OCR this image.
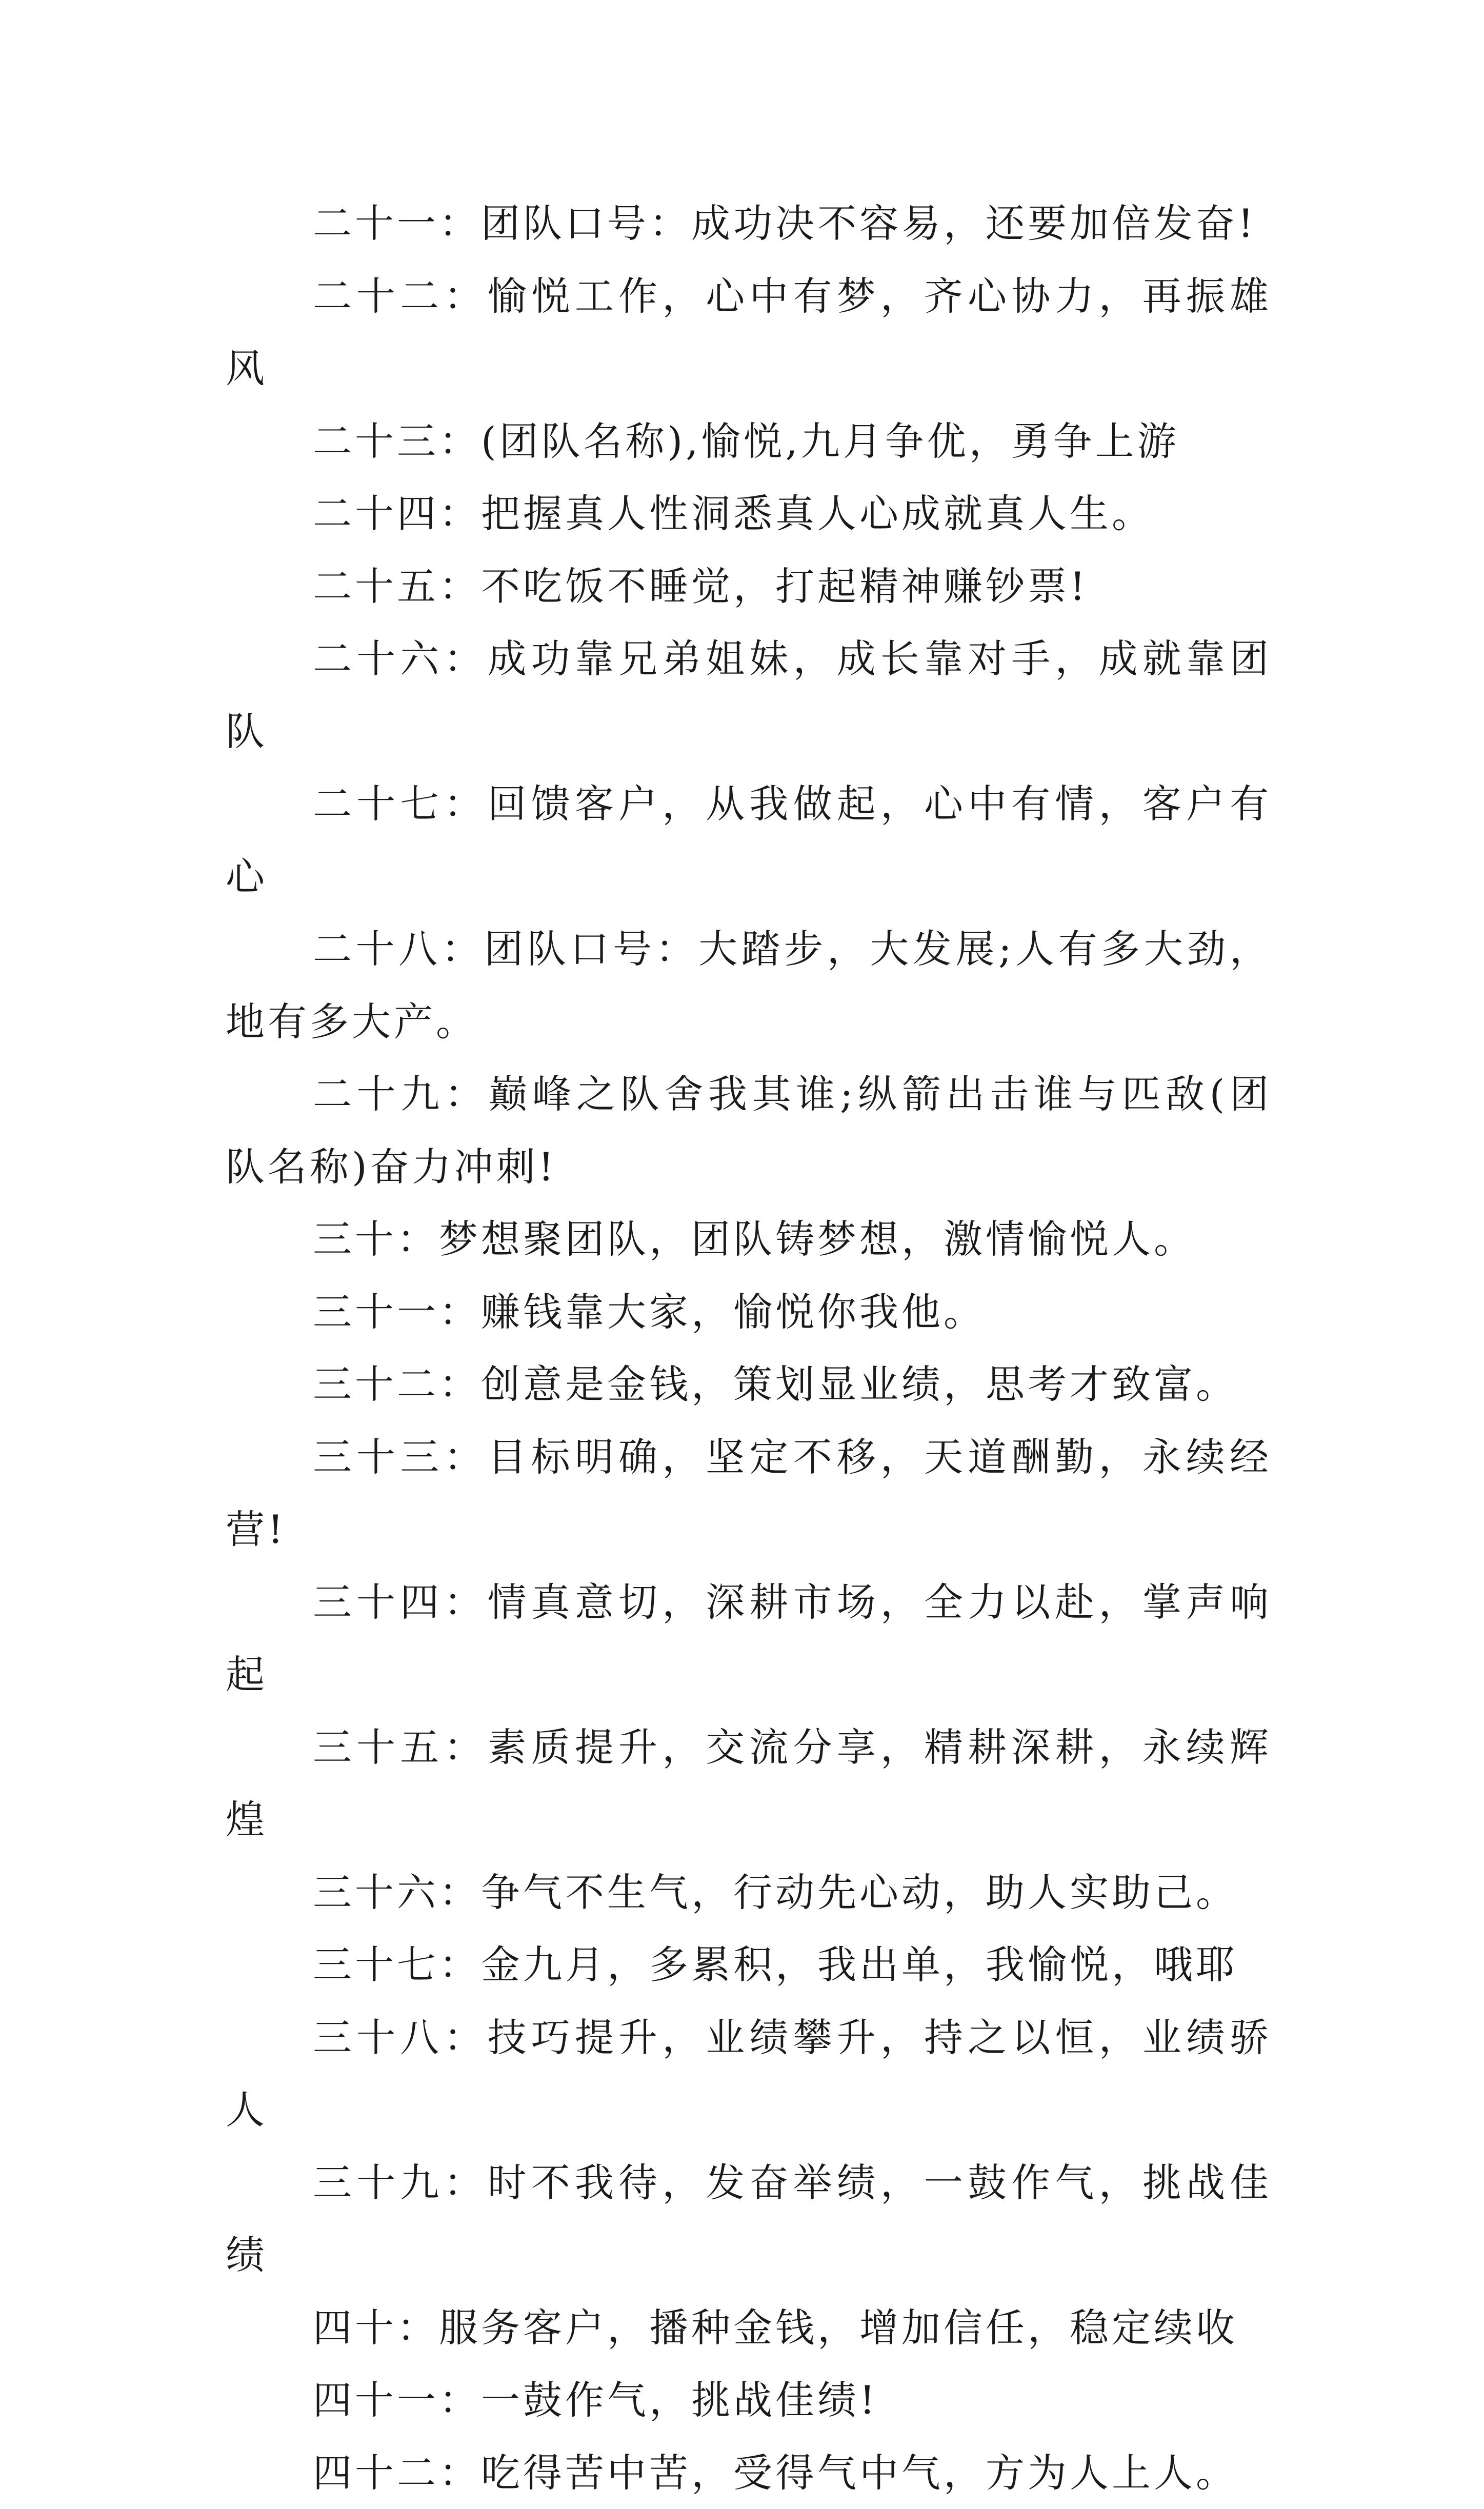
二十一：团队口号：成功决不容易，还要加倍发奋!

二十二：愉悦工作，心中有梦，齐心协力，再振雄风

二十三：(团队名称),愉悦,九月争优，勇争上游

二十四：把握真人性洞悉真人心成就真人生。

二十五：不吃饭不睡觉，打起精神赚钞票!

二十六：成功靠兄弟姐妹，成长靠对手，成就靠团队

二十七：回馈客户，从我做起，心中有情，客户有心

二十八：团队口号：大踏步，大发展;人有多大劲，地有多大产。

二十九：巅峰之队舍我其谁;纵箭出击谁与匹敌(团队名称)奋力冲刺!

三十：梦想聚团队，团队铸梦想，激情愉悦人。

三十一：赚钱靠大家，愉悦你我他。

三十二：创意是金钱，策划显业绩，思考才致富。

三十三：目标明确，坚定不移，天道酬勤，永续经营!

三十四：情真意切，深耕市场，全力以赴，掌声响起

三十五：素质提升，交流分享，精耕深耕，永续辉煌

三十六：争气不生气，行动先心动，助人实助己。

三十七：金九月，多累积，我出单，我愉悦，哦耶

三十八：技巧提升，业绩攀升，持之以恒，业绩骄人

三十九：时不我待，发奋举绩，一鼓作气，挑战佳绩

四十：服务客户，播种金钱，增加信任，稳定续收

四十一：一鼓作气，挑战佳绩!

四十二：吃得苦中苦，受得气中气，方为人上人。
